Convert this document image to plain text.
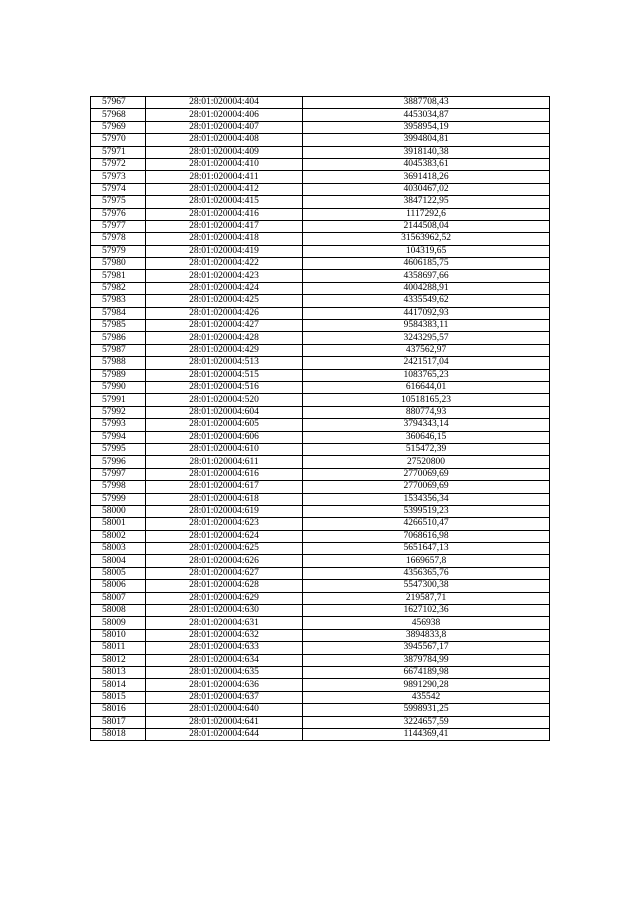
57967	28:01:020004:404	3887708,43
57968	28:01:020004:406	4453034,87
57969	28:01:020004:407	3958954,19
57970	28:01:020004:408	3994804,81
57971	28:01:020004:409	3918140,38
57972	28:01:020004:410	4045383,61
57973	28:01:020004:411	3691418,26
57974	28:01:020004:412	4030467,02
57975	28:01:020004:415	3847122,95
57976	28:01:020004:416	1117292,6
57977	28:01:020004:417	2144508,04
57978	28:01:020004:418	31563962,52
57979	28:01:020004:419	104319,65
57980	28:01:020004:422	4606185,75
57981	28:01:020004:423	4358697,66
57982	28:01:020004:424	4004288,91
57983	28:01:020004:425	4335549,62
57984	28:01:020004:426	4417092,93
57985	28:01:020004:427	9584383,11
57986	28:01:020004:428	3243295,57
57987	28:01:020004:429	437562,97
57988	28:01:020004:513	2421517,04
57989	28:01:020004:515	1083765,23
57990	28:01:020004:516	616644,01
57991	28:01:020004:520	10518165,23
57992	28:01:020004:604	880774,93
57993	28:01:020004:605	3794343,14
57994	28:01:020004:606	360646,15
57995	28:01:020004:610	515472,39
57996	28:01:020004:611	27520800
57997	28:01:020004:616	2770069,69
57998	28:01:020004:617	2770069,69
57999	28:01:020004:618	1534356,34
58000	28:01:020004:619	5399519,23
58001	28:01:020004:623	4266510,47
58002	28:01:020004:624	7068616,98
58003	28:01:020004:625	5651647,13
58004	28:01:020004:626	1669657,8
58005	28:01:020004:627	4356365,76
58006	28:01:020004:628	5547300,38
58007	28:01:020004:629	219587,71
58008	28:01:020004:630	1627102,36
58009	28:01:020004:631	456938
58010	28:01:020004:632	3894833,8
58011	28:01:020004:633	3945567,17
58012	28:01:020004:634	3879784,99
58013	28:01:020004:635	6674189,98
58014	28:01:020004:636	9891290,28
58015	28:01:020004:637	435542
58016	28:01:020004:640	5998931,25
58017	28:01:020004:641	3224657,59
58018	28:01:020004:644	1144369,41
